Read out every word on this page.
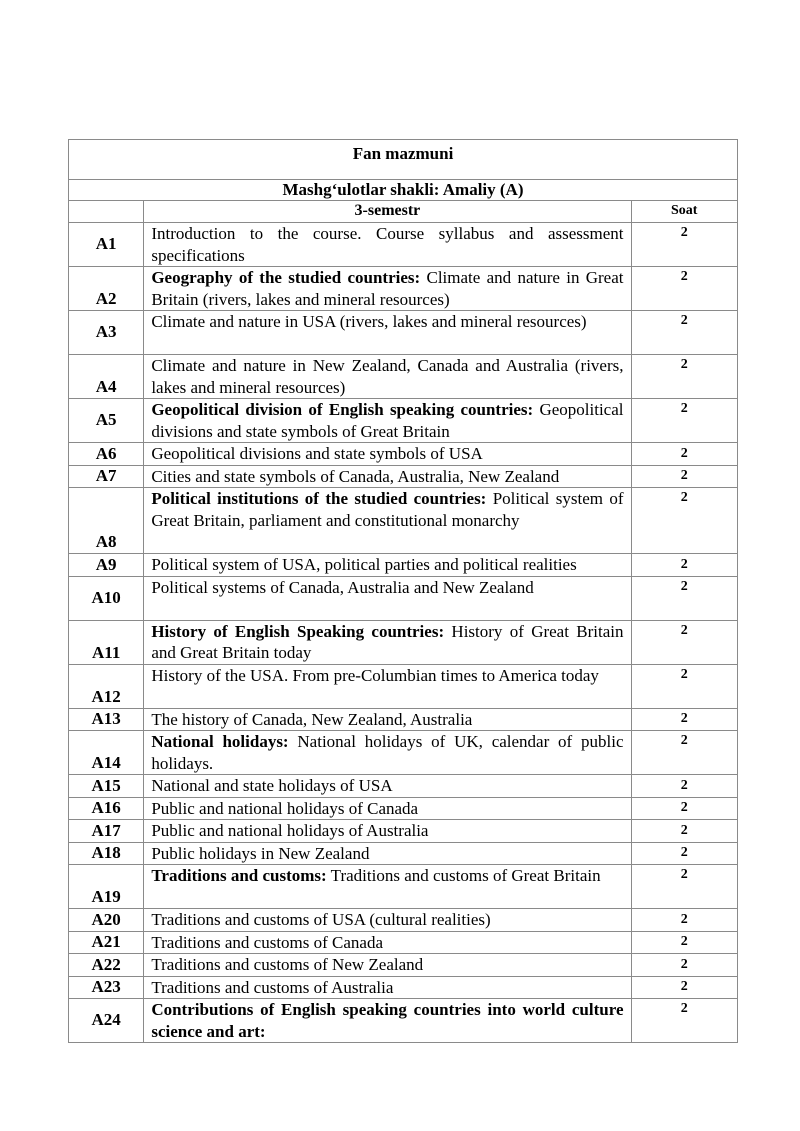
Fan mazmuni		
Mashg‘ulotlar shakli: Amaliy (A)		
	3-semestr	Soat
A1	Introduction to the course. Course syllabus and assessment specifications	2
A2	Geography of the studied countries: Climate and nature in Great Britain (rivers, lakes and mineral resources)	2
A3	Climate and nature in USA (rivers, lakes and mineral resources)	2
A4	Climate and nature in New Zealand, Canada and Australia (rivers, lakes and mineral resources)	2
A5	Geopolitical division of English speaking countries: Geopolitical divisions and state symbols of Great Britain	2
A6	Geopolitical divisions and state symbols of USA	2
A7	Cities and state symbols of Canada, Australia, New Zealand	2
A8	Political institutions of the studied countries: Political system of Great Britain, parliament and constitutional monarchy	2
A9	Political system of USA, political parties and political realities	2
A10	Political systems of Canada, Australia and New Zealand	2
A11	History of English Speaking countries: History of Great Britain and Great Britain today	2
A12	History of the USA. From pre-Columbian times to America today	2
A13	The history of Canada, New Zealand, Australia	2
A14	National holidays: National holidays of UK, calendar of public holidays.	2
A15	National and state holidays of USA	2
A16	Public and national holidays of Canada	2
A17	Public and national holidays of Australia	2
A18	Public holidays in New Zealand	2
A19	Traditions and customs: Traditions and customs of Great Britain	2
A20	Traditions and customs of USA (cultural realities)	2
A21	Traditions and customs of Canada	2
A22	Traditions and customs of New Zealand	2
A23	Traditions and customs of Australia	2
A24	Contributions of English speaking countries into world culture science and art:	2
